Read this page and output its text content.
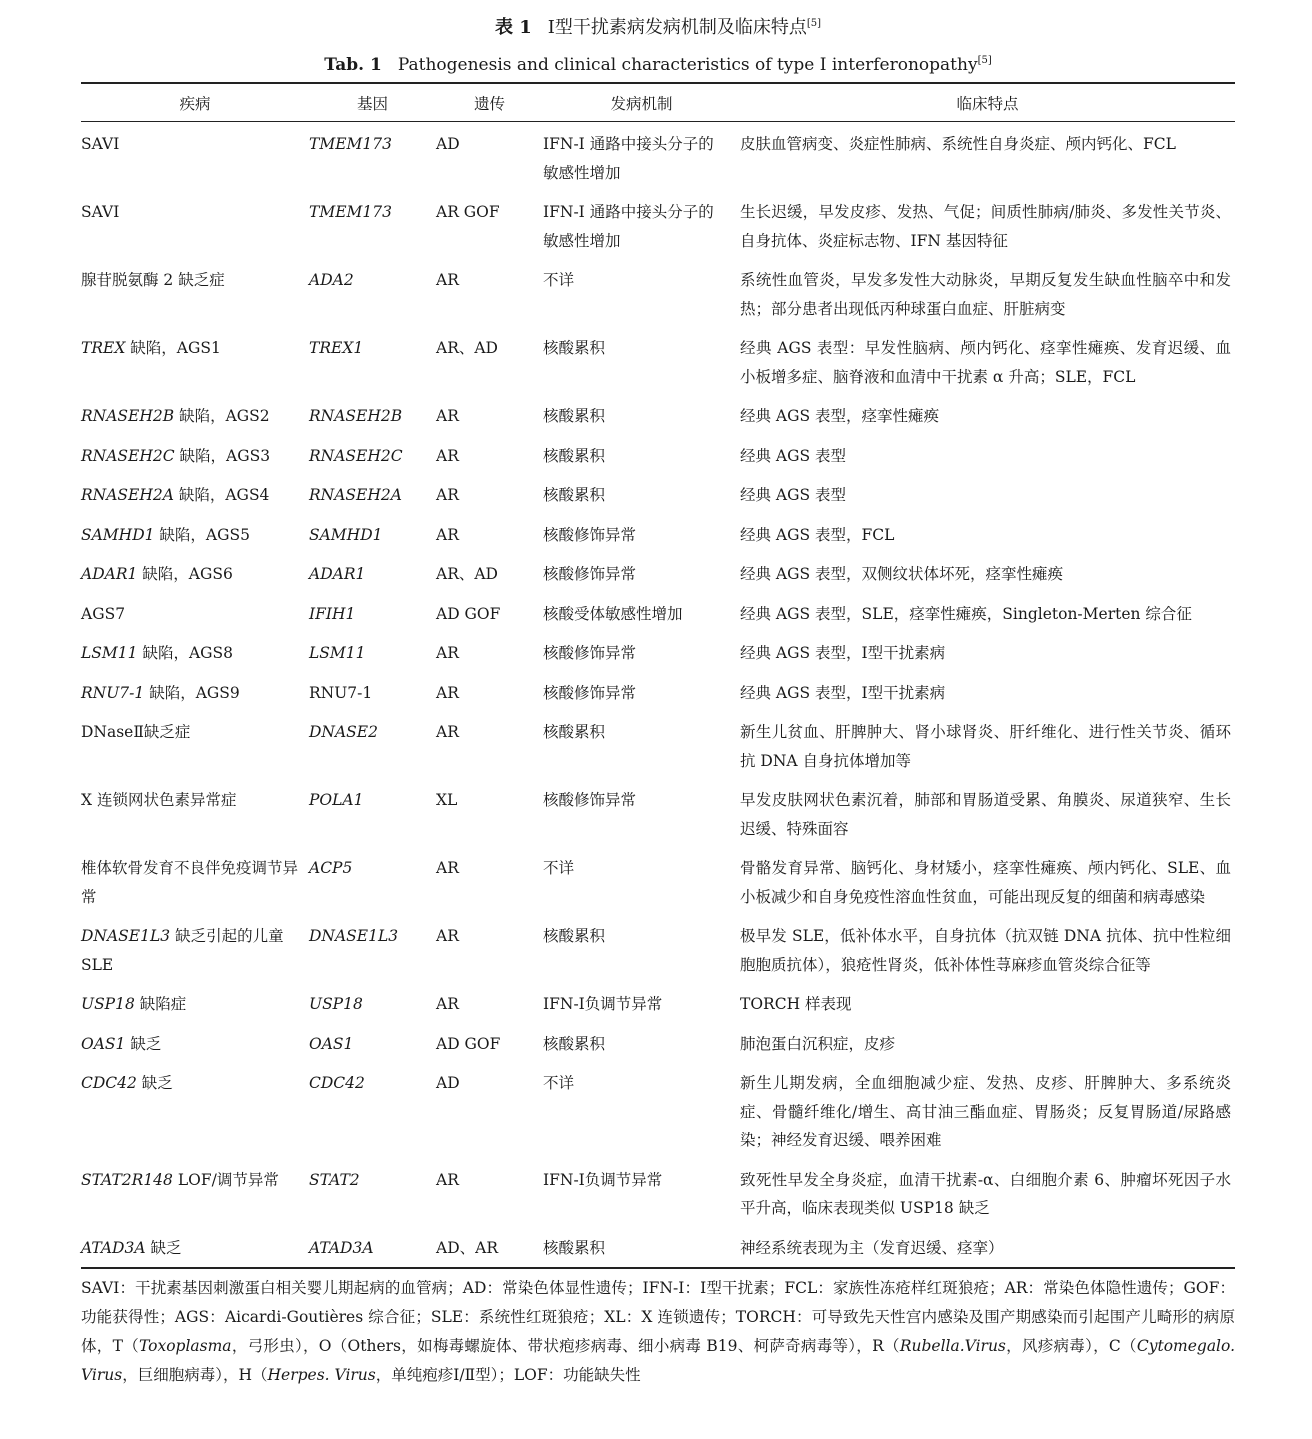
表 1 Ⅰ型干扰素病发病机制及临床特点[5]
Tab. 1 Pathogenesis and clinical characteristics of type Ⅰ interferonopathy[5]
疾病	基因	遗传	发病机制	临床特点
SAVI	TMEM173	AD	IFN-Ⅰ 通路中接头分子的敏感性增加	皮肤血管病变、炎症性肺病、系统性自身炎症、颅内钙化、FCL
SAVI	TMEM173	AR GOF	IFN-Ⅰ 通路中接头分子的敏感性增加	生长迟缓，早发皮疹、发热、气促；间质性肺病/肺炎、多发性关节炎、自身抗体、炎症标志物、IFN 基因特征
腺苷脱氨酶 2 缺乏症	ADA2	AR	不详	系统性血管炎，早发多发性大动脉炎，早期反复发生缺血性脑卒中和发热；部分患者出现低丙种球蛋白血症、肝脏病变
TREX 缺陷，AGS1	TREX1	AR、AD	核酸累积	经典 AGS 表型：早发性脑病、颅内钙化、痉挛性瘫痪、发育迟缓、血小板增多症、脑脊液和血清中干扰素 α 升高；SLE，FCL
RNASEH2B 缺陷，AGS2	RNASEH2B	AR	核酸累积	经典 AGS 表型，痉挛性瘫痪
RNASEH2C 缺陷，AGS3	RNASEH2C	AR	核酸累积	经典 AGS 表型
RNASEH2A 缺陷，AGS4	RNASEH2A	AR	核酸累积	经典 AGS 表型
SAMHD1 缺陷，AGS5	SAMHD1	AR	核酸修饰异常	经典 AGS 表型，FCL
ADAR1 缺陷，AGS6	ADAR1	AR、AD	核酸修饰异常	经典 AGS 表型，双侧纹状体坏死，痉挛性瘫痪
AGS7	IFIH1	AD GOF	核酸受体敏感性增加	经典 AGS 表型，SLE，痉挛性瘫痪，Singleton-Merten 综合征
LSM11 缺陷，AGS8	LSM11	AR	核酸修饰异常	经典 AGS 表型，Ⅰ型干扰素病
RNU7-1 缺陷，AGS9	RNU7-1	AR	核酸修饰异常	经典 AGS 表型，Ⅰ型干扰素病
DNaseⅡ缺乏症	DNASE2	AR	核酸累积	新生儿贫血、肝脾肿大、肾小球肾炎、肝纤维化、进行性关节炎、循环抗 DNA 自身抗体增加等
X 连锁网状色素异常症	POLA1	XL	核酸修饰异常	早发皮肤网状色素沉着，肺部和胃肠道受累、角膜炎、尿道狭窄、生长迟缓、特殊面容
椎体软骨发育不良伴免疫调节异常	ACP5	AR	不详	骨骼发育异常、脑钙化、身材矮小，痉挛性瘫痪、颅内钙化、SLE、血小板减少和自身免疫性溶血性贫血，可能出现反复的细菌和病毒感染
DNASE1L3 缺乏引起的儿童 SLE	DNASE1L3	AR	核酸累积	极早发 SLE，低补体水平，自身抗体（抗双链 DNA 抗体、抗中性粒细胞胞质抗体），狼疮性肾炎，低补体性荨麻疹血管炎综合征等
USP18 缺陷症	USP18	AR	IFN-Ⅰ负调节异常	TORCH 样表现
OAS1 缺乏	OAS1	AD GOF	核酸累积	肺泡蛋白沉积症，皮疹
CDC42 缺乏	CDC42	AD	不详	新生儿期发病，全血细胞减少症、发热、皮疹、肝脾肿大、多系统炎症、骨髓纤维化/增生、高甘油三酯血症、胃肠炎；反复胃肠道/尿路感染；神经发育迟缓、喂养困难
STAT2R148 LOF/调节异常	STAT2	AR	IFN-Ⅰ负调节异常	致死性早发全身炎症，血清干扰素-α、白细胞介素 6、肿瘤坏死因子水平升高，临床表现类似 USP18 缺乏
ATAD3A 缺乏	ATAD3A	AD、AR	核酸累积	神经系统表现为主（发育迟缓、痉挛）
SAVI：干扰素基因刺激蛋白相关婴儿期起病的血管病；AD：常染色体显性遗传；IFN-Ⅰ：Ⅰ型干扰素；FCL：家族性冻疮样红斑狼疮；AR：常染色体隐性遗传；GOF：功能获得性；AGS：Aicardi-Goutières 综合征；SLE：系统性红斑狼疮；XL：X 连锁遗传；TORCH：可导致先天性宫内感染及围产期感染而引起围产儿畸形的病原体，T（Toxoplasma，弓形虫），O（Others，如梅毒螺旋体、带状疱疹病毒、细小病毒 B19、柯萨奇病毒等），R（Rubella.Virus，风疹病毒），C（Cytomegalo. Virus，巨细胞病毒），H（Herpes. Virus，单纯疱疹Ⅰ/Ⅱ型）；LOF：功能缺失性
